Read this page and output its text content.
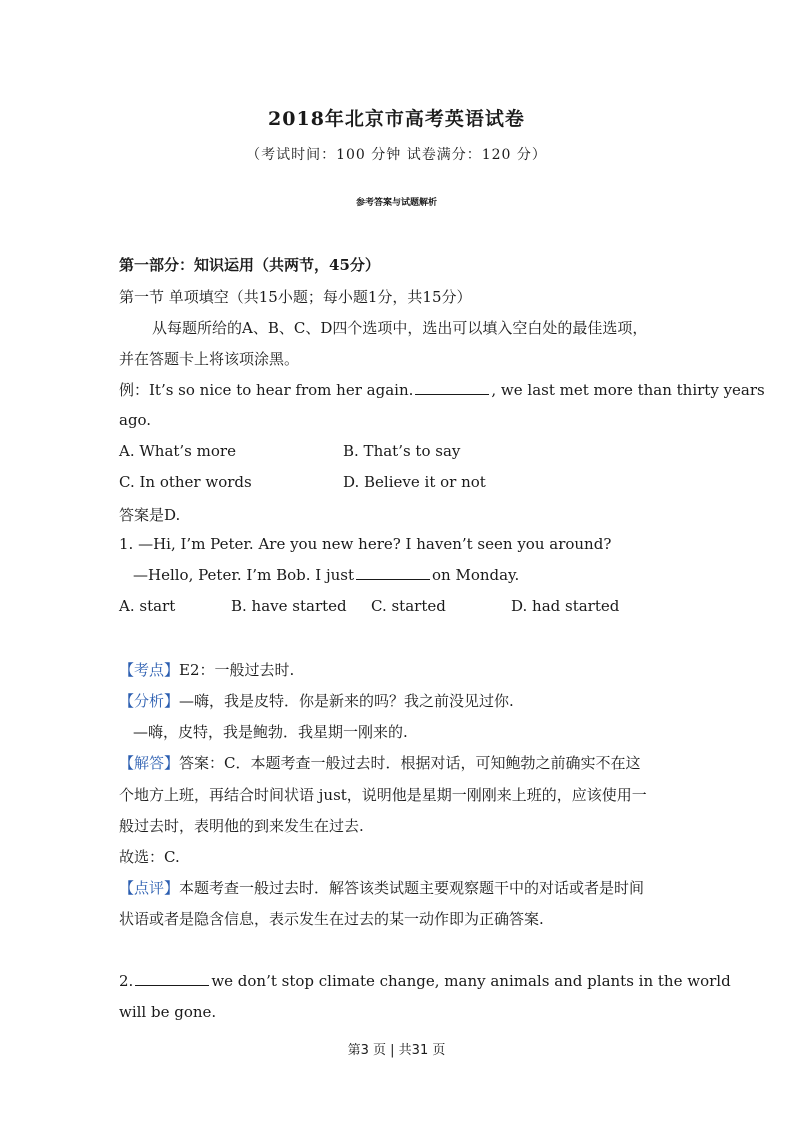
2018年北京市高考英语试卷
（考试时间：100 分钟 试卷满分：120 分）
参考答案与试题解析
第一部分：知识运用（共两节，45分）
第一节 单项填空（共15小题；每小题1分，共15分）
从每题所给的A、B、C、D四个选项中，选出可以填入空白处的最佳选项，
并在答题卡上将该项涂黑。
例：It’s so nice to hear from her again.	, we last met more than thirty years
ago.
A. What’s more	B. That’s to say
C. In other words	D. Believe it or not
答案是D.
1. —Hi, I’m Peter. Are you new here? I haven’t seen you around?
—Hello, Peter. I’m Bob. I just	on Monday.
A. start	B. have started C. started	D. had started
【考点】E2：一般过去时.
【分析】—嗨，我是皮特．你是新来的吗？我之前没见过你.
—嗨，皮特，我是鲍勃．我星期一刚来的.
【解答】答案：C．本题考查一般过去时．根据对话，可知鲍勃之前确实不在这
个地方上班，再结合时间状语 just，说明他是星期一刚刚来上班的，应该使用一
般过去时，表明他的到来发生在过去.
故选：C.
【点评】本题考查一般过去时．解答该类试题主要观察题干中的对话或者是时间
状语或者是隐含信息，表示发生在过去的某一动作即为正确答案.
2.	we don’t stop climate change, many animals and plants in the world
will be gone.
第3 页 | 共31 页
